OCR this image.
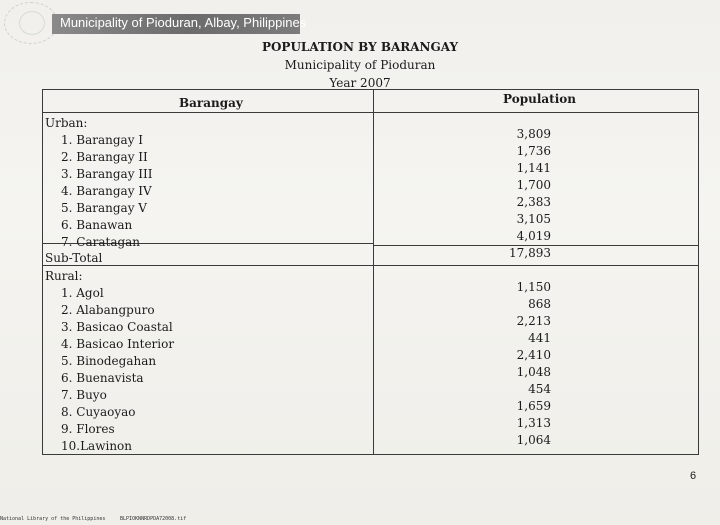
Municipality of Pioduran, Albay, Philippines
POPULATION BY BARANGAY
Municipality of Pioduran
Year 2007
Barangay	Population
Urban:
1. Barangay I	3,809
2. Barangay II	1,736
3. Barangay III	1,141
4. Barangay IV	1,700
5. Barangay V	2,383
6. Banawan	3,105
7. Caratagan	4,019
Sub-Total	17,893
Rural:
1. Agol	1,150
2. Alabangpuro	868
3. Basicao Coastal	2,213
4. Basicao Interior	441
5. Binodegahan	2,410
6. Buenavista	1,048
7. Buyo	454
8. Cuyaoyao	1,659
9. Flores	1,313
10.Lawinon	1,064
6
National Library of the Philippines	BLPIOKNNRDPDA72008.tif
